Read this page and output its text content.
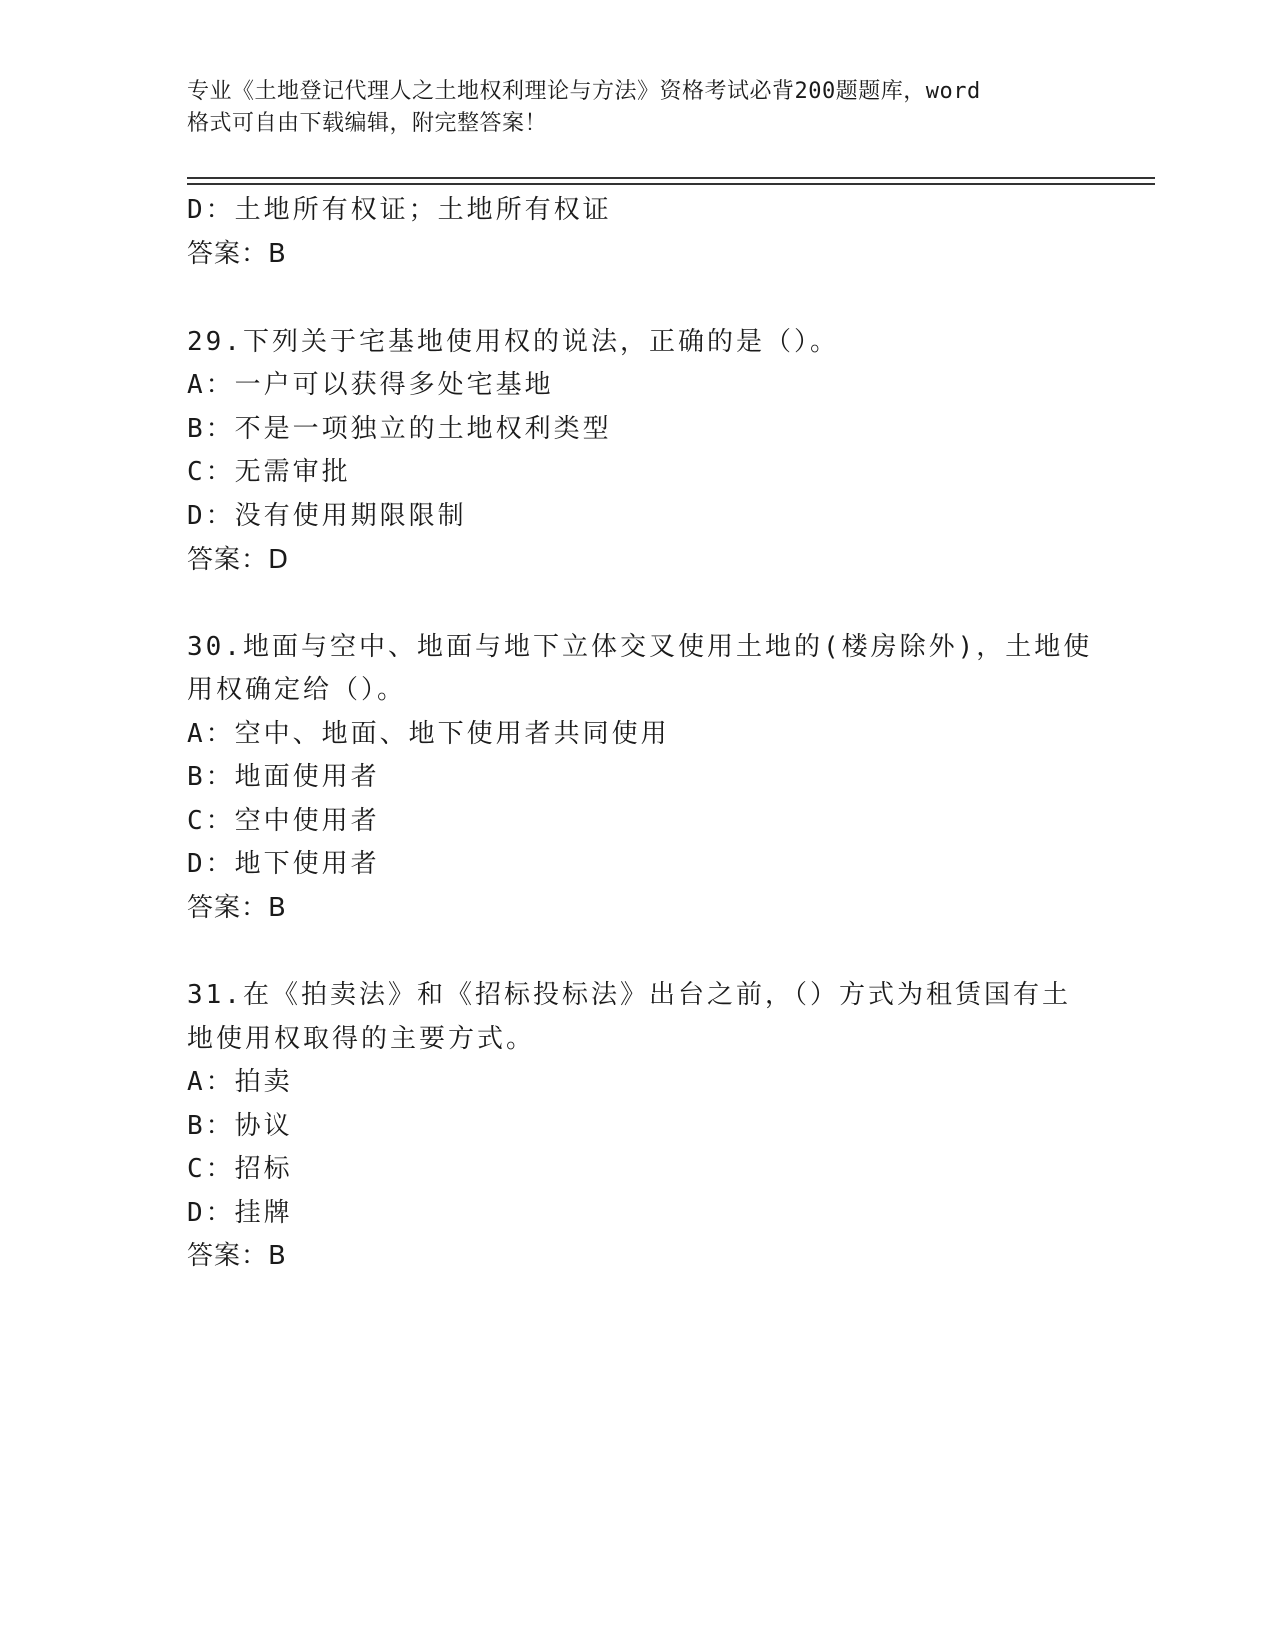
专业《土地登记代理人之土地权利理论与方法》资格考试必背200题题库，word
格式可自由下载编辑，附完整答案！
D：土地所有权证；土地所有权证
答案：B
29.下列关于宅基地使用权的说法，正确的是（）。
A：一户可以获得多处宅基地
B：不是一项独立的土地权利类型
C：无需审批
D：没有使用期限限制
答案：D
30.地面与空中、地面与地下立体交叉使用土地的(楼房除外)，土地使
用权确定给（）。
A：空中、地面、地下使用者共同使用
B：地面使用者
C：空中使用者
D：地下使用者
答案：B
31.在《拍卖法》和《招标投标法》出台之前，（）方式为租赁国有土
地使用权取得的主要方式。
A：拍卖
B：协议
C：招标
D：挂牌
答案：B
